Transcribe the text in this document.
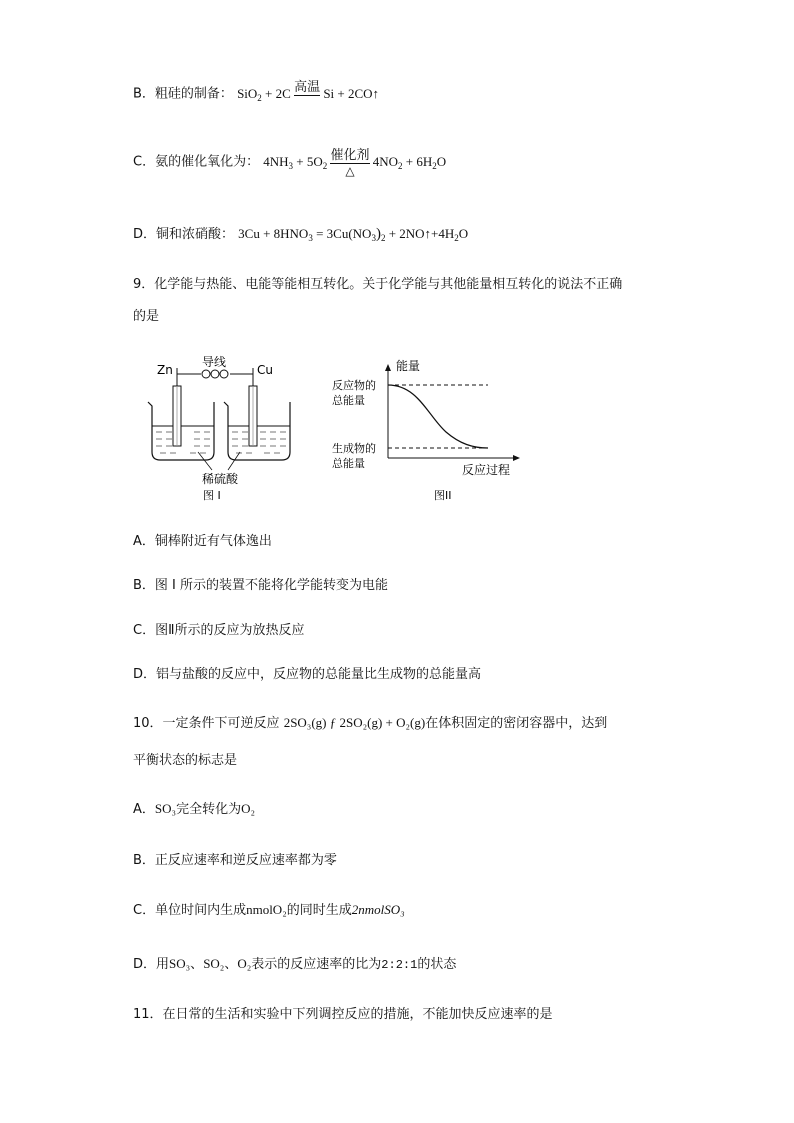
B．粗硅的制备： SiO$_2$ + 2C 高温
Si + 2CO↑
C．氨的催化氧化为： $4NH_3 + 5O_2$
催化剂
△
$4NO_2 + 6H_2O$
D．铜和浓硝酸： $3Cu + 8HNO_3 = 3Cu(NO_3)_2$ + $2NO↑+4H_2O$
9．化学能与热能、电能等能相互转化。关于化学能与其他能量相互转化的说法不正确
的是
Zn	Cu
导线
稀硫酸
图 I
能量
反应物的
总能量
生成物的
总能量	反应过程
图II
A．铜棒附近有气体逸出
B．图 I 所示的装置不能将化学能转变为电能
C．图Ⅱ所示的反应为放热反应
D．铝与盐酸的反应中，反应物的总能量比生成物的总能量高
10．一定条件下可逆反应 2SO₃(g) ƒ 2SO₂(g) + O₂(g)在体积固定的密闭容器中，达到
平衡状态的标志是
A．SO₃完全转化为O₂
B．正反应速率和逆反应速率都为零
C．单位时间内生成nmolO₂的同时生成2nmolSO₃
D．用SO₃、SO₂、O₂表示的反应速率的比为2:2:1的状态
11．在日常的生活和实验中下列调控反应的措施，不能加快反应速率的是
